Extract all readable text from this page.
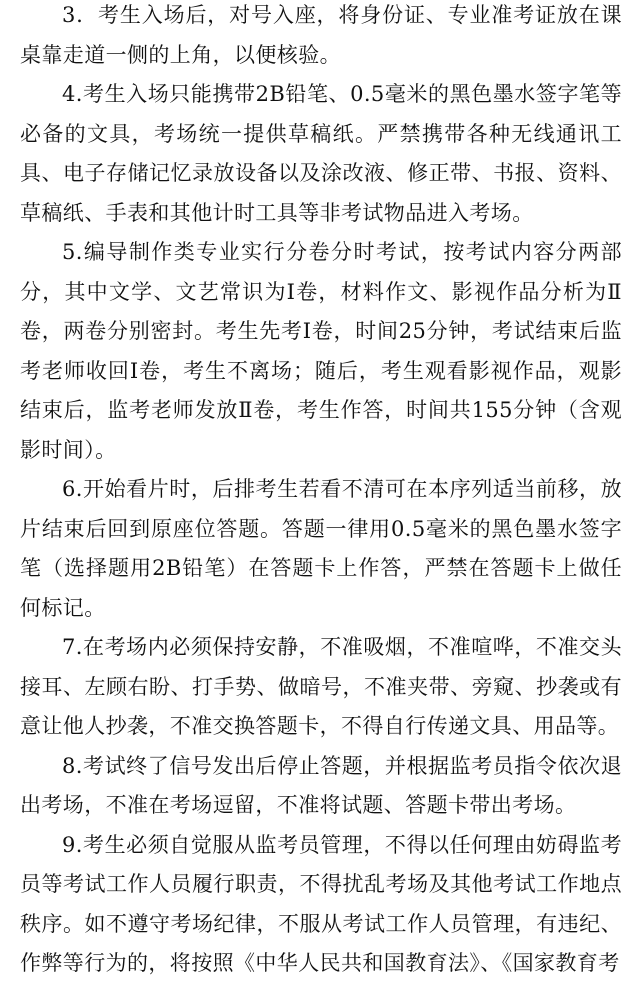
3．考生入场后，对号入座，将身份证、专业准考证放在课桌靠走道一侧的上角，以便核验。

4.考生入场只能携带2B铅笔、0.5毫米的黑色墨水签字笔等必备的文具，考场统一提供草稿纸。严禁携带各种无线通讯工具、电子存储记忆录放设备以及涂改液、修正带、书报、资料、草稿纸、手表和其他计时工具等非考试物品进入考场。

5.编导制作类专业实行分卷分时考试，按考试内容分两部分，其中文学、文艺常识为Ⅰ卷，材料作文、影视作品分析为Ⅱ卷，两卷分别密封。考生先考Ⅰ卷，时间25分钟，考试结束后监考老师收回Ⅰ卷，考生不离场；随后，考生观看影视作品，观影结束后，监考老师发放Ⅱ卷，考生作答，时间共155分钟（含观影时间）。

6.开始看片时，后排考生若看不清可在本序列适当前移，放片结束后回到原座位答题。答题一律用0.5毫米的黑色墨水签字笔（选择题用2B铅笔）在答题卡上作答，严禁在答题卡上做任何标记。

7.在考场内必须保持安静，不准吸烟，不准喧哗，不准交头接耳、左顾右盼、打手势、做暗号，不准夹带、旁窥、抄袭或有意让他人抄袭，不准交换答题卡，不得自行传递文具、用品等。

8.考试终了信号发出后停止答题，并根据监考员指令依次退出考场，不准在考场逗留，不准将试题、答题卡带出考场。

9.考生必须自觉服从监考员管理，不得以任何理由妨碍监考员等考试工作人员履行职责，不得扰乱考场及其他考试工作地点秩序。如不遵守考场纪律，不服从考试工作人员管理，有违纪、作弊等行为的，将按照《中华人民共和国教育法》、《国家教育考
